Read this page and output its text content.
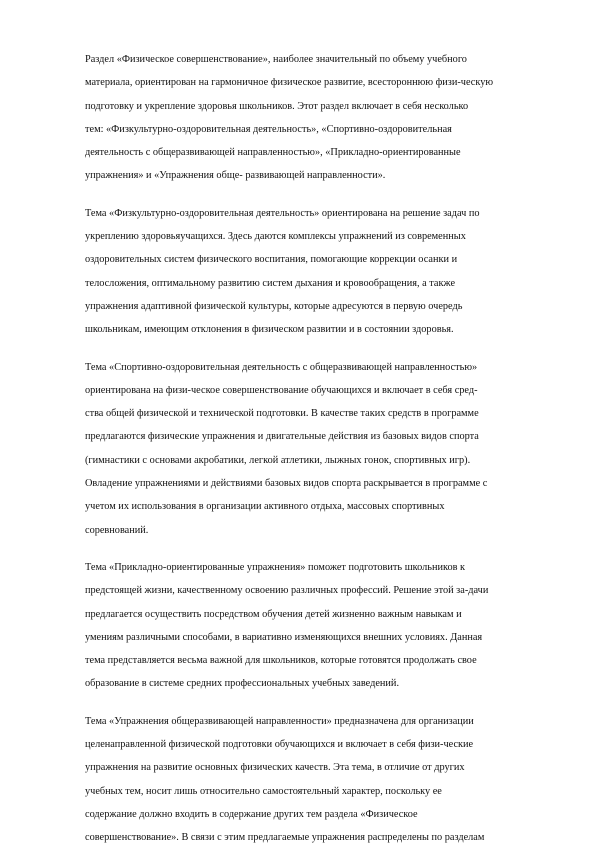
Раздел «Физическое совершенствование», наиболее значительный по объему учебного
материала, ориентирован на гармоничное физическое развитие, всестороннюю физи-ческую
подготовку и укрепление здоровья школьников. Этот раздел включает в себя несколько
тем: «Физкультурно-оздоровительная деятельность», «Спортивно-оздоровительная
деятельность с общеразвивающей направленностью», «Прикладно-ориентированные
упражнения» и «Упражнения обще- развивающей направленности».

Тема «Физкультурно-оздоровительная деятельность» ориентирована на решение задач по
укреплению здоровьяучащихся. Здесь даются комплексы упражнений из современных
оздоровительных систем физического воспитания, помогающие коррекции осанки и
телосложения, оптимальному развитию систем дыхания и кровообращения, а также
упражнения адаптивной физической культуры, которые адресуются в первую очередь
школьникам, имеющим отклонения в физическом развитии и в состоянии здоровья.

Тема «Спортивно-оздоровительная деятельность с общеразвивающей направленностью»
ориентирована на физи-ческое совершенствование обучающихся и включает в себя сред-
ства общей физической и технической подготовки. В качестве таких средств в программе
предлагаются физические упражнения и двигательные действия из базовых видов спорта
(гимнастики с основами акробатики, легкой атлетики, лыжных гонок, спортивных игр).
Овладение упражнениями и действиями базовых видов спорта раскрывается в программе с
учетом их использования в организации активного отдыха, массовых спортивных
соревнований.

Тема «Прикладно-ориентированные упражнения» поможет подготовить школьников к
предстоящей жизни, качественному освоению различных профессий. Решение этой за-дачи
предлагается осуществить посредством обучения детей жизненно важным навыкам и
умениям различными способами, в вариативно изменяющихся внешних условиях. Данная
тема представляется весьма важной для школьников, которые готовятся продолжать свое
образование в системе средних профессиональных учебных заведений.

Тема «Упражнения общеразвивающей направленности» предназначена для организации
целенаправленной физической подготовки обучающихся и включает в себя физи-ческие
упражнения на развитие основных физических качеств. Эта тема, в отличие от других
учебных тем, носит лишь относительно самостоятельный характер, поскольку ее
содержание должно входить в содержание других тем раздела «Физическое
совершенствование». В связи с этим предлагаемые упражнения распределены по разделам
